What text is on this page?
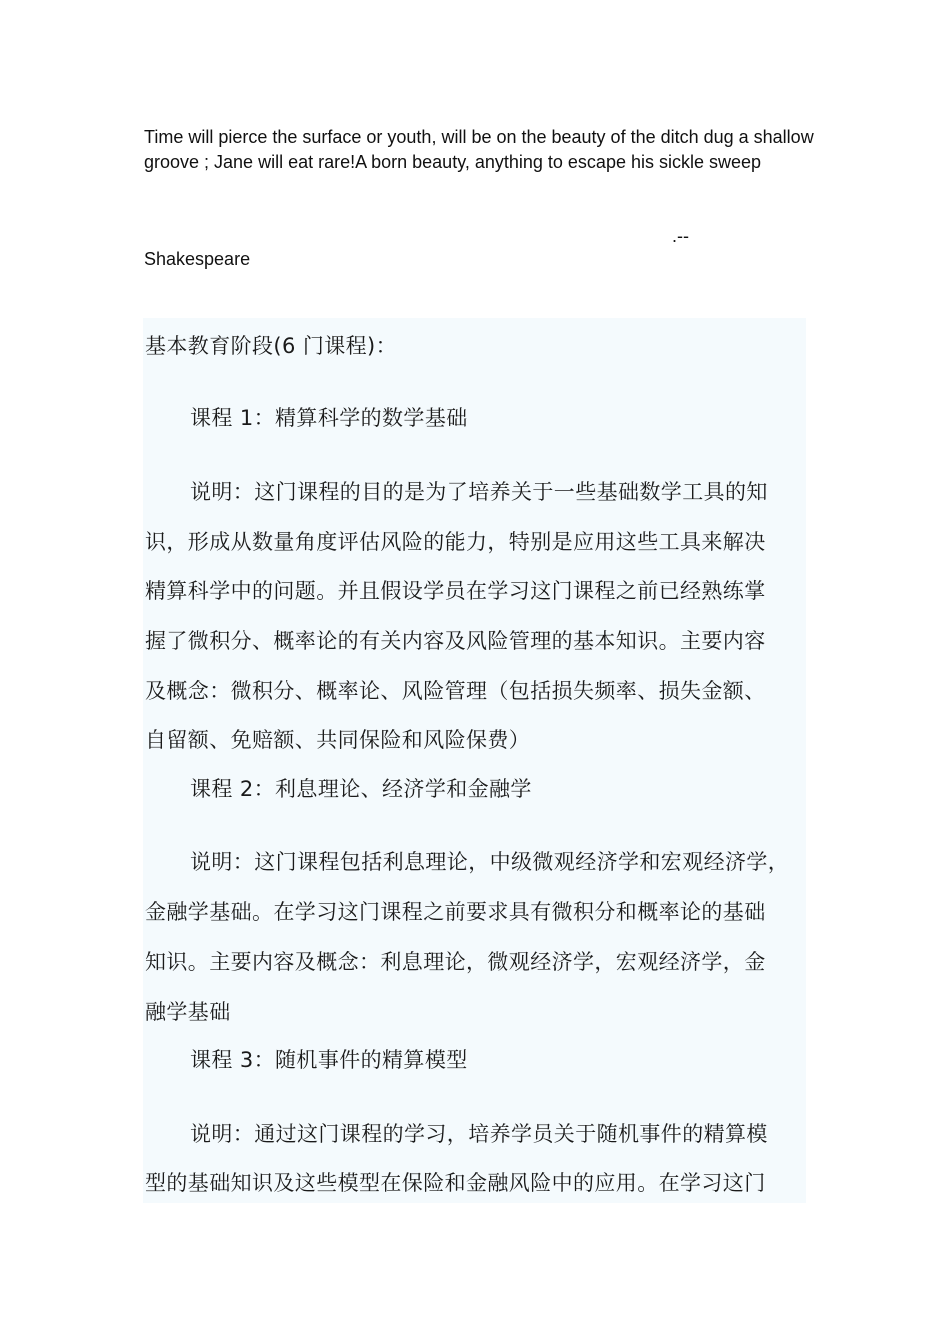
Time will pierce the surface or youth, will be on the beauty of the ditch dug a shallow groove ; Jane will eat rare!A born beauty, anything to escape his sickle sweep
.--
Shakespeare
基本教育阶段(6 门课程)：
课程 1：精算科学的数学基础
说明：这门课程的目的是为了培养关于一些基础数学工具的知
识，形成从数量角度评估风险的能力，特别是应用这些工具来解决
精算科学中的问题。并且假设学员在学习这门课程之前已经熟练掌
握了微积分、概率论的有关内容及风险管理的基本知识。主要内容
及概念：微积分、概率论、风险管理（包括损失频率、损失金额、
自留额、免赔额、共同保险和风险保费）
课程 2：利息理论、经济学和金融学
说明：这门课程包括利息理论，中级微观经济学和宏观经济学，
金融学基础。在学习这门课程之前要求具有微积分和概率论的基础
知识。主要内容及概念：利息理论，微观经济学，宏观经济学，金
融学基础
课程 3：随机事件的精算模型
说明：通过这门课程的学习，培养学员关于随机事件的精算模
型的基础知识及这些模型在保险和金融风险中的应用。在学习这门
